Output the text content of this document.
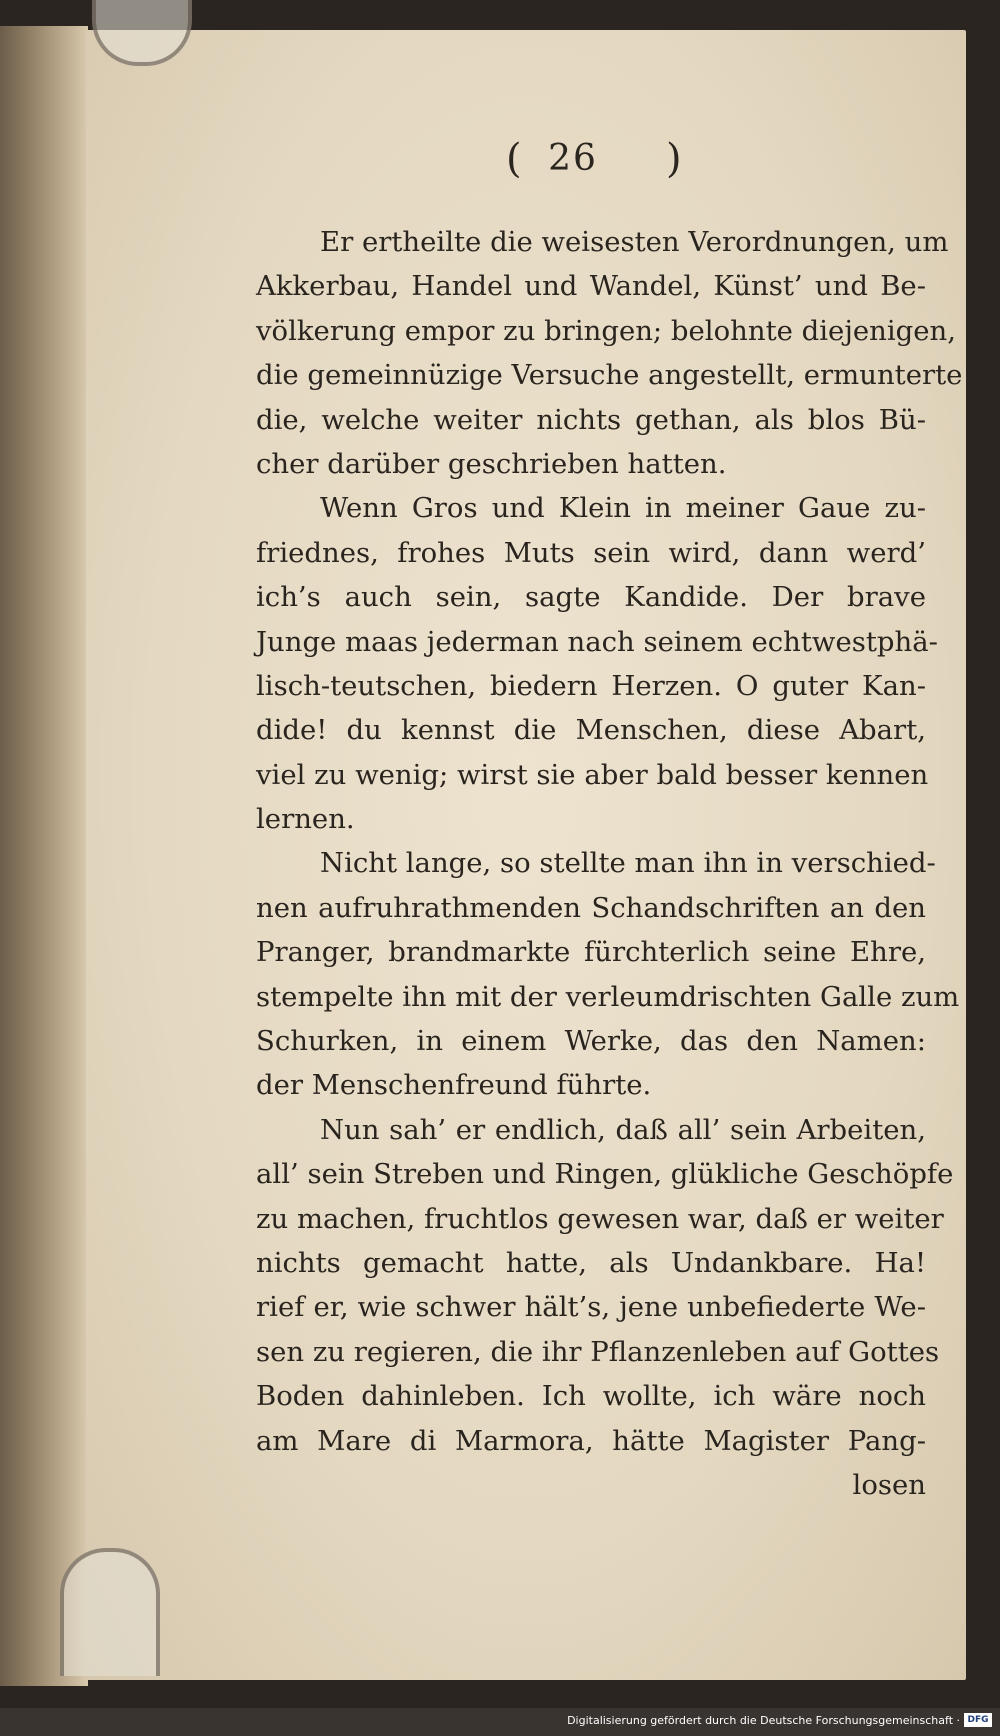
( 26	)
Er ertheilte die weisesten Verordnungen, um
Akkerbau, Handel und Wandel, Künst’ und Be-
völkerung empor zu bringen; belohnte diejenigen,
die gemeinnüzige Versuche angestellt, ermunterte
die, welche weiter nichts gethan, als blos Bü-
cher darüber geschrieben hatten.
Wenn Gros und Klein in meiner Gaue zu-
friednes, frohes Muts sein wird, dann werd’
ich’s auch sein, sagte Kandide. Der brave
Junge maas jederman nach seinem echtwestphä-
lisch-teutschen, biedern Herzen. O guter Kan-
dide! du kennst die Menschen, diese Abart,
viel zu wenig; wirst sie aber bald besser kennen
lernen.
Nicht lange, so stellte man ihn in verschied-
nen aufruhrathmenden Schandschriften an den
Pranger, brandmarkte fürchterlich seine Ehre,
stempelte ihn mit der verleumdrischten Galle zum
Schurken, in einem Werke, das den Namen:
der Menschenfreund führte.
Nun sah’ er endlich, daß all’ sein Arbeiten,
all’ sein Streben und Ringen, glükliche Geschöpfe
zu machen, fruchtlos gewesen war, daß er weiter
nichts gemacht hatte, als Undankbare. Ha!
rief er, wie schwer hält’s, jene unbefiederte We-
sen zu regieren, die ihr Pflanzenleben auf Gottes
Boden dahinleben. Ich wollte, ich wäre noch
am Mare di Marmora, hätte Magister Pang-
losen
Digitalisierung gefördert durch die Deutsche Forschungsgemeinschaft · DFG
